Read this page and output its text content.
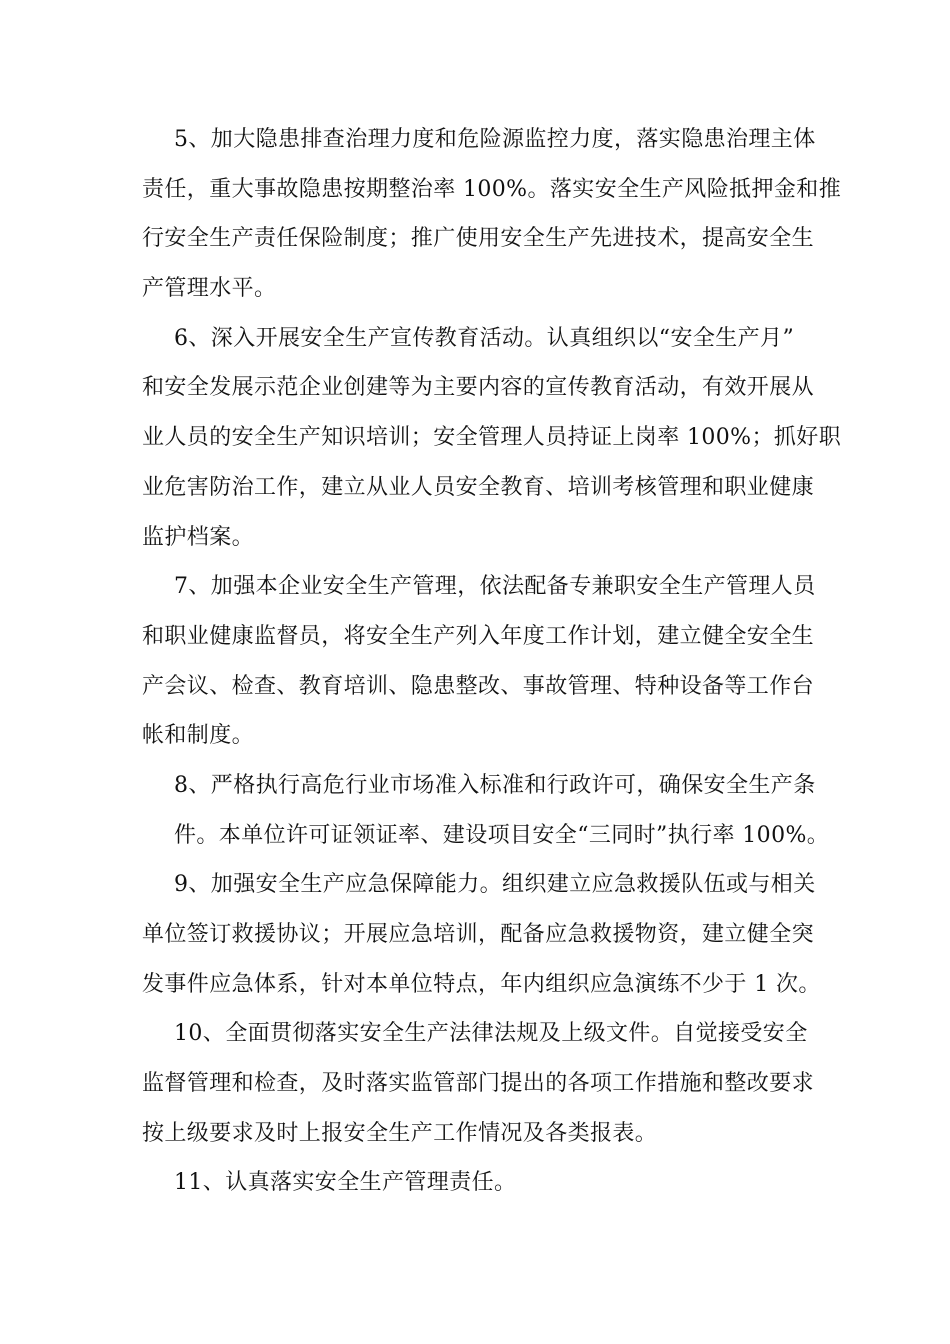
5、加大隐患排查治理力度和危险源监控力度，落实隐患治理主体
责任，重大事故隐患按期整治率 100%。落实安全生产风险抵押金和推
行安全生产责任保险制度；推广使用安全生产先进技术，提高安全生
产管理水平。
6、深入开展安全生产宣传教育活动。认真组织以“安全生产月”
和安全发展示范企业创建等为主要内容的宣传教育活动，有效开展从
业人员的安全生产知识培训；安全管理人员持证上岗率 100%；抓好职
业危害防治工作，建立从业人员安全教育、培训考核管理和职业健康
监护档案。
7、加强本企业安全生产管理，依法配备专兼职安全生产管理人员
和职业健康监督员，将安全生产列入年度工作计划，建立健全安全生
产会议、检查、教育培训、隐患整改、事故管理、特种设备等工作台
帐和制度。
8、严格执行高危行业市场准入标准和行政许可，确保安全生产条
件。本单位许可证领证率、建设项目安全“三同时”执行率 100%。
9、加强安全生产应急保障能力。组织建立应急救援队伍或与相关
单位签订救援协议；开展应急培训，配备应急救援物资，建立健全突
发事件应急体系，针对本单位特点，年内组织应急演练不少于 1 次。
10、全面贯彻落实安全生产法律法规及上级文件。自觉接受安全
监督管理和检查，及时落实监管部门提出的各项工作措施和整改要求
按上级要求及时上报安全生产工作情况及各类报表。
11、认真落实安全生产管理责任。
